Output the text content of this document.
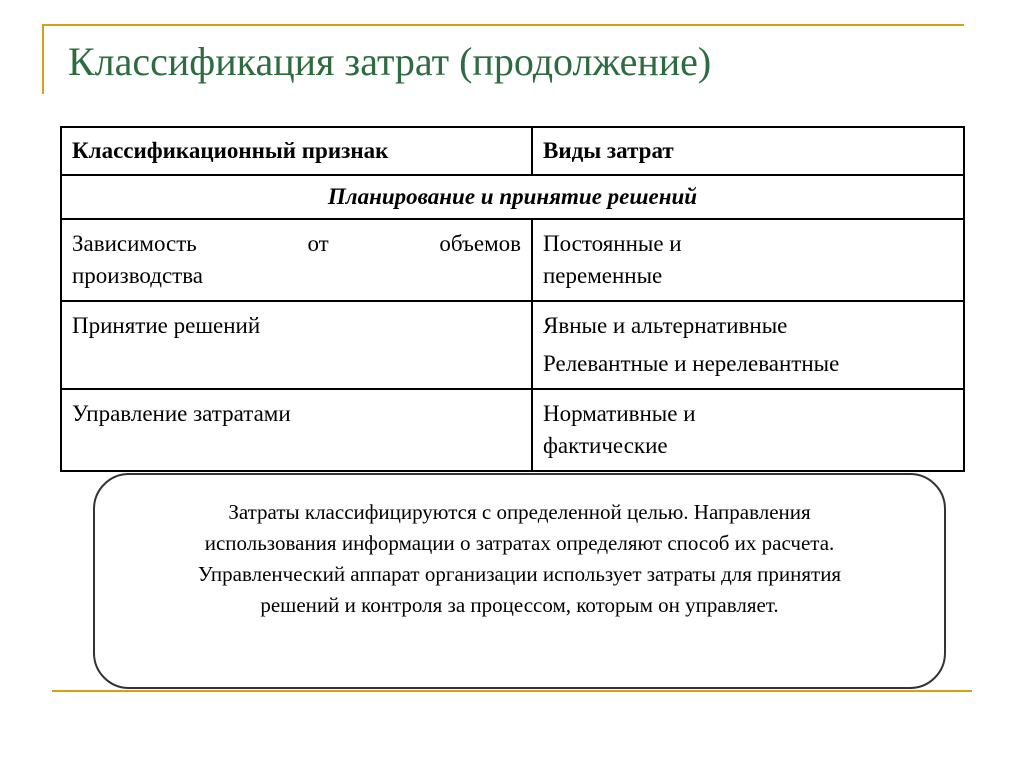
Классификация затрат (продолжение)
Классификационный признак	Виды затрат
Планирование и принятие решений	

Зависимость от объемов
производства	Постоянные и
переменные

Принятие решений	Явные и альтернативные
Релевантные и нерелевантные

Управление затратами	Нормативные и
фактические
Затраты классифицируются с определенной целью. Направления
использования информации о затратах определяют способ их расчета.
Управленческий аппарат организации использует затраты для принятия
решений и контроля за процессом, которым он управляет.
